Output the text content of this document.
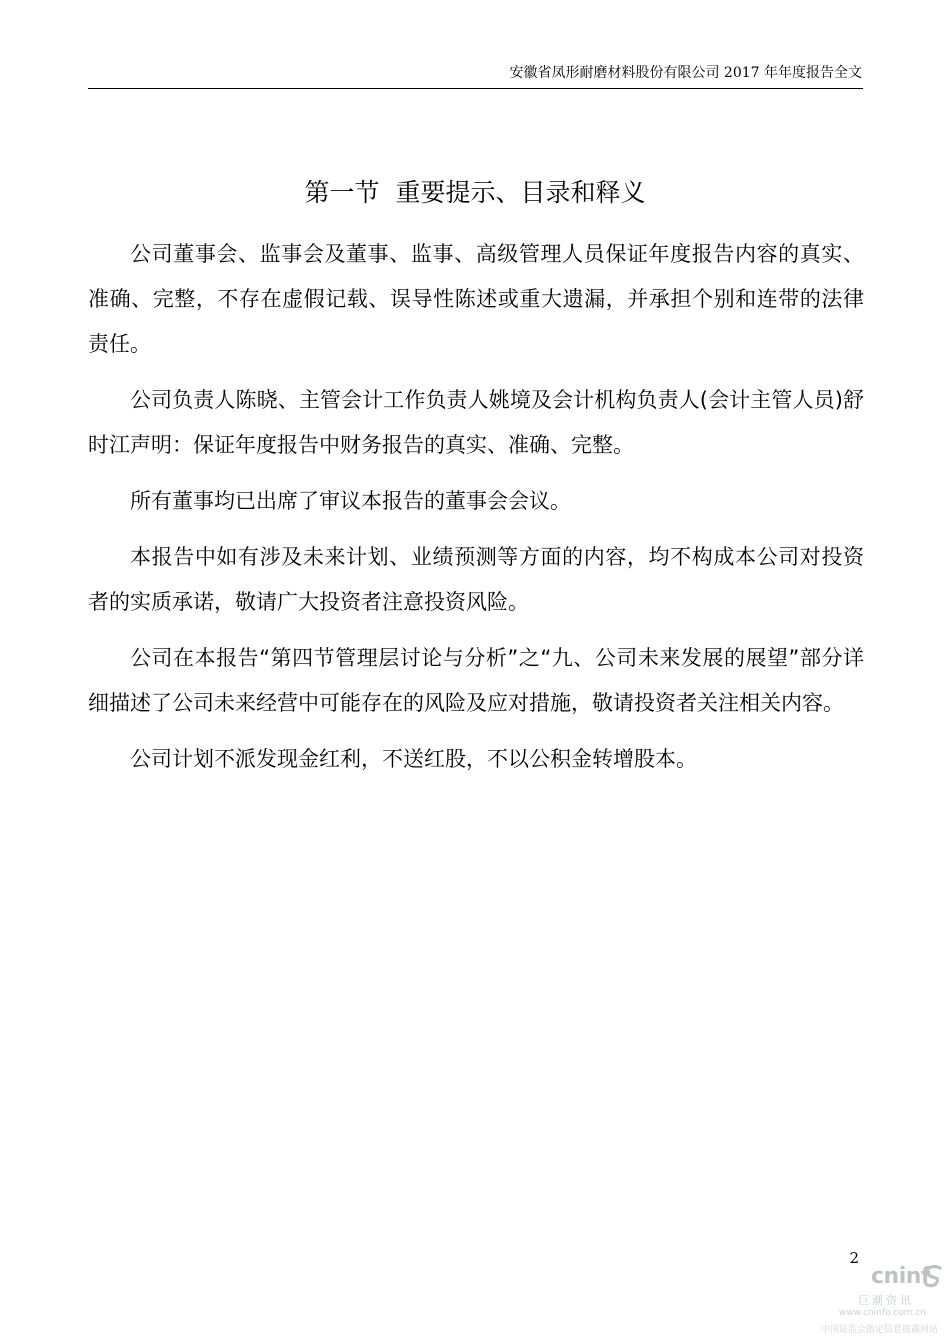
安徽省凤形耐磨材料股份有限公司 2017 年年度报告全文
第一节  重要提示、目录和释义

公司董事会、监事会及董事、监事、高级管理人员保证年度报告内容的真实、准确、完整，不存在虚假记载、误导性陈述或重大遗漏，并承担个别和连带的法律责任。

公司负责人陈晓、主管会计工作负责人姚境及会计机构负责人(会计主管人员)舒时江声明：保证年度报告中财务报告的真实、准确、完整。

所有董事均已出席了审议本报告的董事会会议。

本报告中如有涉及未来计划、业绩预测等方面的内容，均不构成本公司对投资者的实质承诺，敬请广大投资者注意投资风险。

公司在本报告“第四节管理层讨论与分析”之“九、公司未来发展的展望”部分详细描述了公司未来经营中可能存在的风险及应对措施，敬请投资者关注相关内容。

公司计划不派发现金红利，不送红股，不以公积金转增股本。

2
cninf
巨潮资讯
www.cninfo.com.cn
中国证监会指定信息披露网站
